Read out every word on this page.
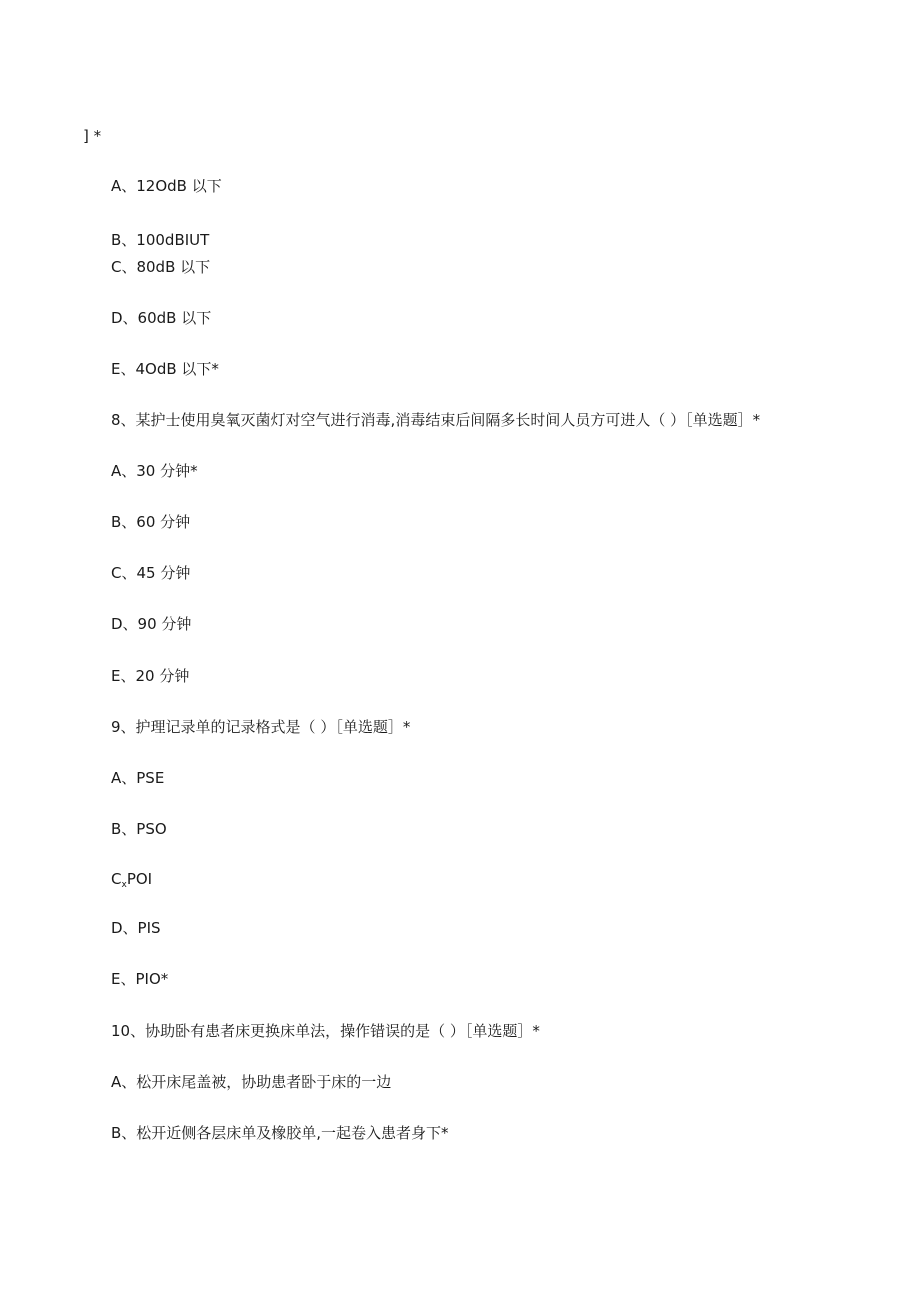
] *
A、12OdB 以下
B、100dBIUT
C、80dB 以下
D、60dB 以下
E、4OdB 以下*
8、某护士使用臭氧灭菌灯对空气进行消毒,消毒结束后间隔多长时间人员方可进人（ ）［单选题］*
A、30 分钟*
B、60 分钟
C、45 分钟
D、90 分钟
E、20 分钟
9、护理记录单的记录格式是（ ）［单选题］*
A、PSE
B、PSO
$C_xPOI$
D、PIS
E、PIO*
10、协助卧有患者床更换床单法，操作错误的是（ ）［单选题］*
A、松开床尾盖被，协助患者卧于床的一边
B、松开近侧各层床单及橡胶单,一起卷入患者身下*
